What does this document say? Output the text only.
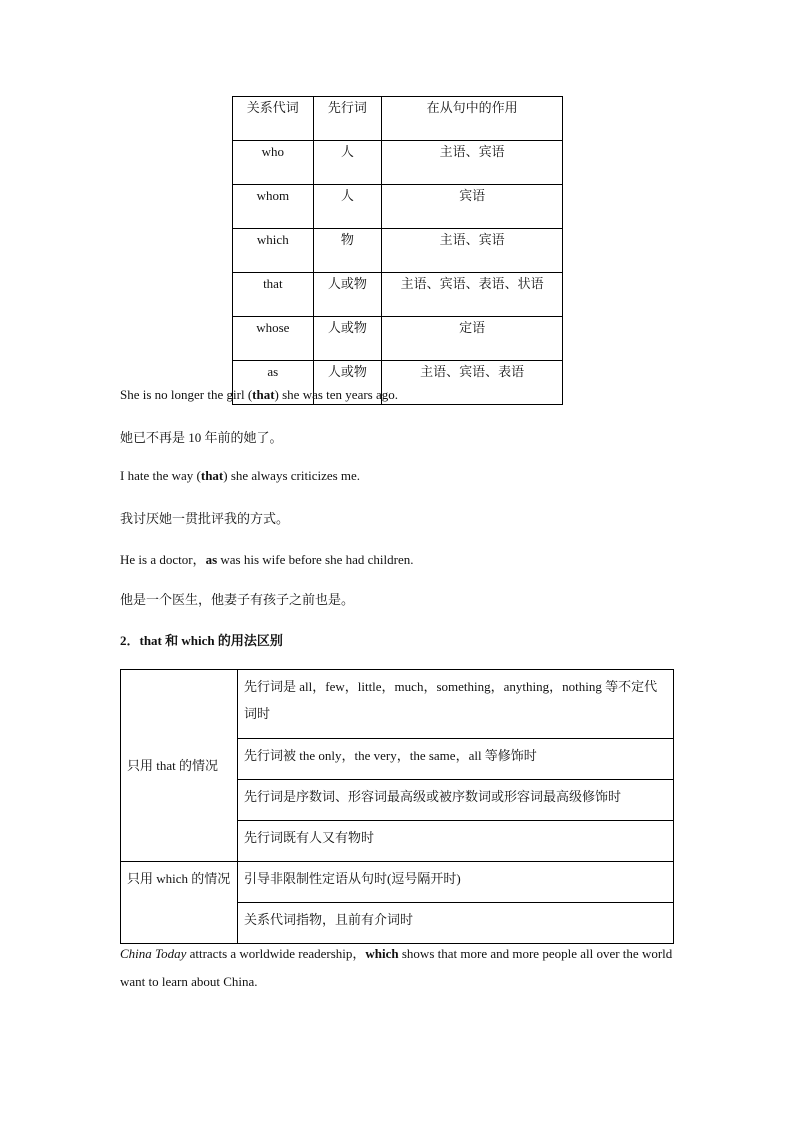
关系代词	先行词	在从句中的作用
who	人	主语、宾语
whom	人	宾语
which	物	主语、宾语
that	人或物	主语、宾语、表语、状语
whose	人或物	定语
as	人或物	主语、宾语、表语
She is no longer the girl (that) she was ten years ago.
她已不再是 10 年前的她了。
I hate the way (that) she always criticizes me.
我讨厌她一贯批评我的方式。
He is a doctor，as was his wife before she had children.
他是一个医生，他妻子有孩子之前也是。
2．that 和 which 的用法区别
只用 that 的情况	先行词是 all，few，little，much，something，anything，nothing 等不定代词时
	先行词被 the only，the very，the same，all 等修饰时
	先行词是序数词、形容词最高级或被序数词或形容词最高级修饰时
	先行词既有人又有物时
只用 which 的情况	引导非限制性定语从句时(逗号隔开时)
	关系代词指物，且前有介词时
China Today attracts a worldwide readership，which shows that more and more people all over the world want to learn about China.
